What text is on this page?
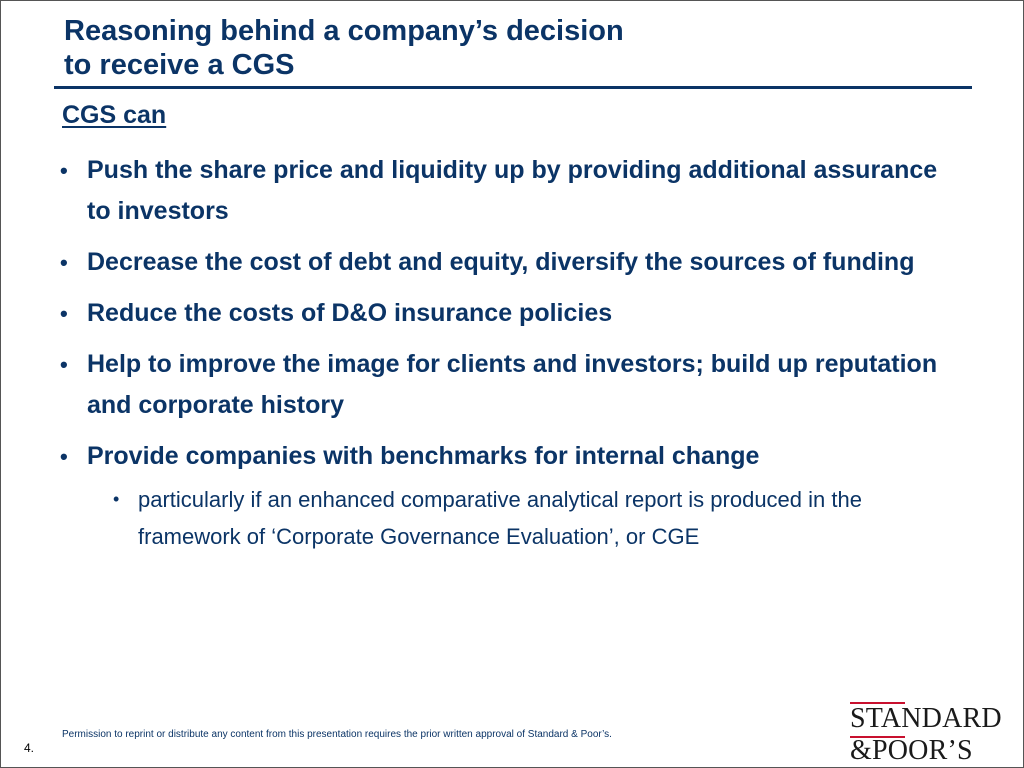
Reasoning behind a company’s decision
to receive a CGS
CGS can
• Push the share price and liquidity up by providing additional assurance to investors
• Decrease the cost of debt and equity, diversify the sources of funding
• Reduce the costs of D&O insurance policies
• Help to improve the image for clients and investors; build up reputation and corporate history
• Provide companies with benchmarks for internal change
• particularly if an enhanced comparative analytical report is produced in the framework of ‘Corporate Governance Evaluation’, or CGE
Permission to reprint or distribute any content from this presentation requires the prior written approval of Standard & Poor’s.
4.
STANDARD
&POOR’S
